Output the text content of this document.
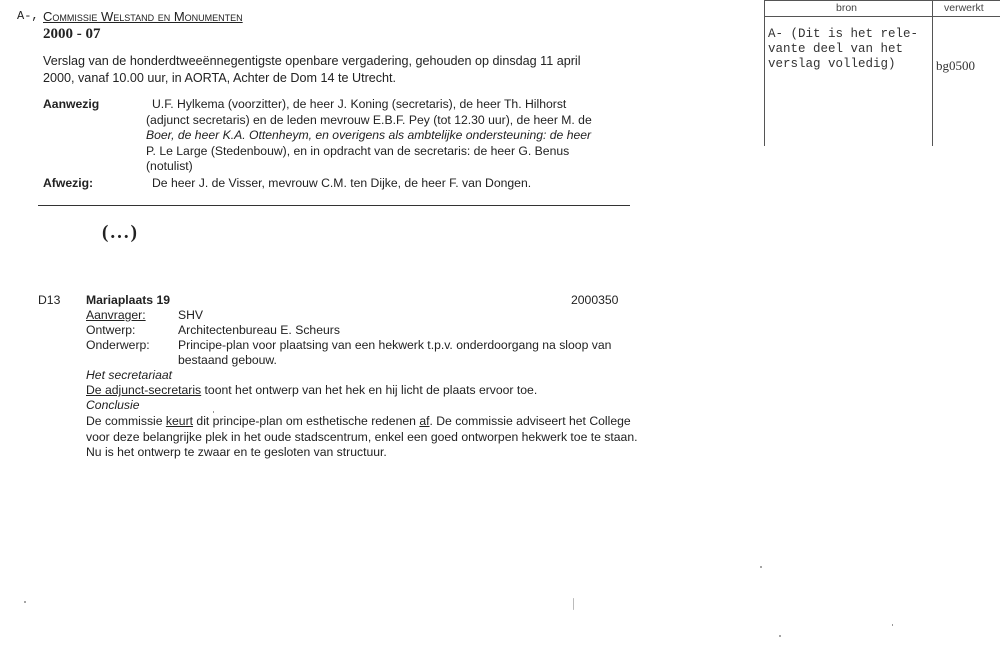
A-, Commissie Welstand en Monumenten
2000 - 07
Verslag van de honderdtweeënnegentigste openbare vergadering, gehouden op dinsdag 11 april
2000, vanaf 10.00 uur, in AORTA, Achter de Dom 14 te Utrecht.
Aanwezig	U.F. Hylkema (voorzitter), de heer J. Koning (secretaris), de heer Th. Hilhorst
(adjunct secretaris) en de leden mevrouw E.B.F. Pey (tot 12.30 uur), de heer M. de
Boer, de heer K.A. Ottenheym, en overigens als ambtelijke ondersteuning: de heer
P. Le Large (Stedenbouw), en in opdracht van de secretaris: de heer G. Benus
(notulist)
Afwezig:	De heer J. de Visser, mevrouw C.M. ten Dijke, de heer F. van Dongen.
(...)
D13 Mariaplaats 19	2000350
Aanvrager:	SHV
Ontwerp:	Architectenbureau E. Scheurs
Onderwerp: Principe-plan voor plaatsing van een hekwerk t.p.v. onderdoorgang na sloop van
bestaand gebouw.
Het secretariaat
De adjunct-secretaris toont het ontwerp van het hek en hij licht de plaats ervoor toe.
Conclusie
De commissie keurt dit principe-plan om esthetische redenen af. De commissie adviseert het College
voor deze belangrijke plek in het oude stadscentrum, enkel een goed ontworpen hekwerk toe te staan.
Nu is het ontwerp te zwaar en te gesloten van structuur.
bron	verwerkt
A- (Dit is het rele-
vante deel van het
verslag volledig)	bg0500
